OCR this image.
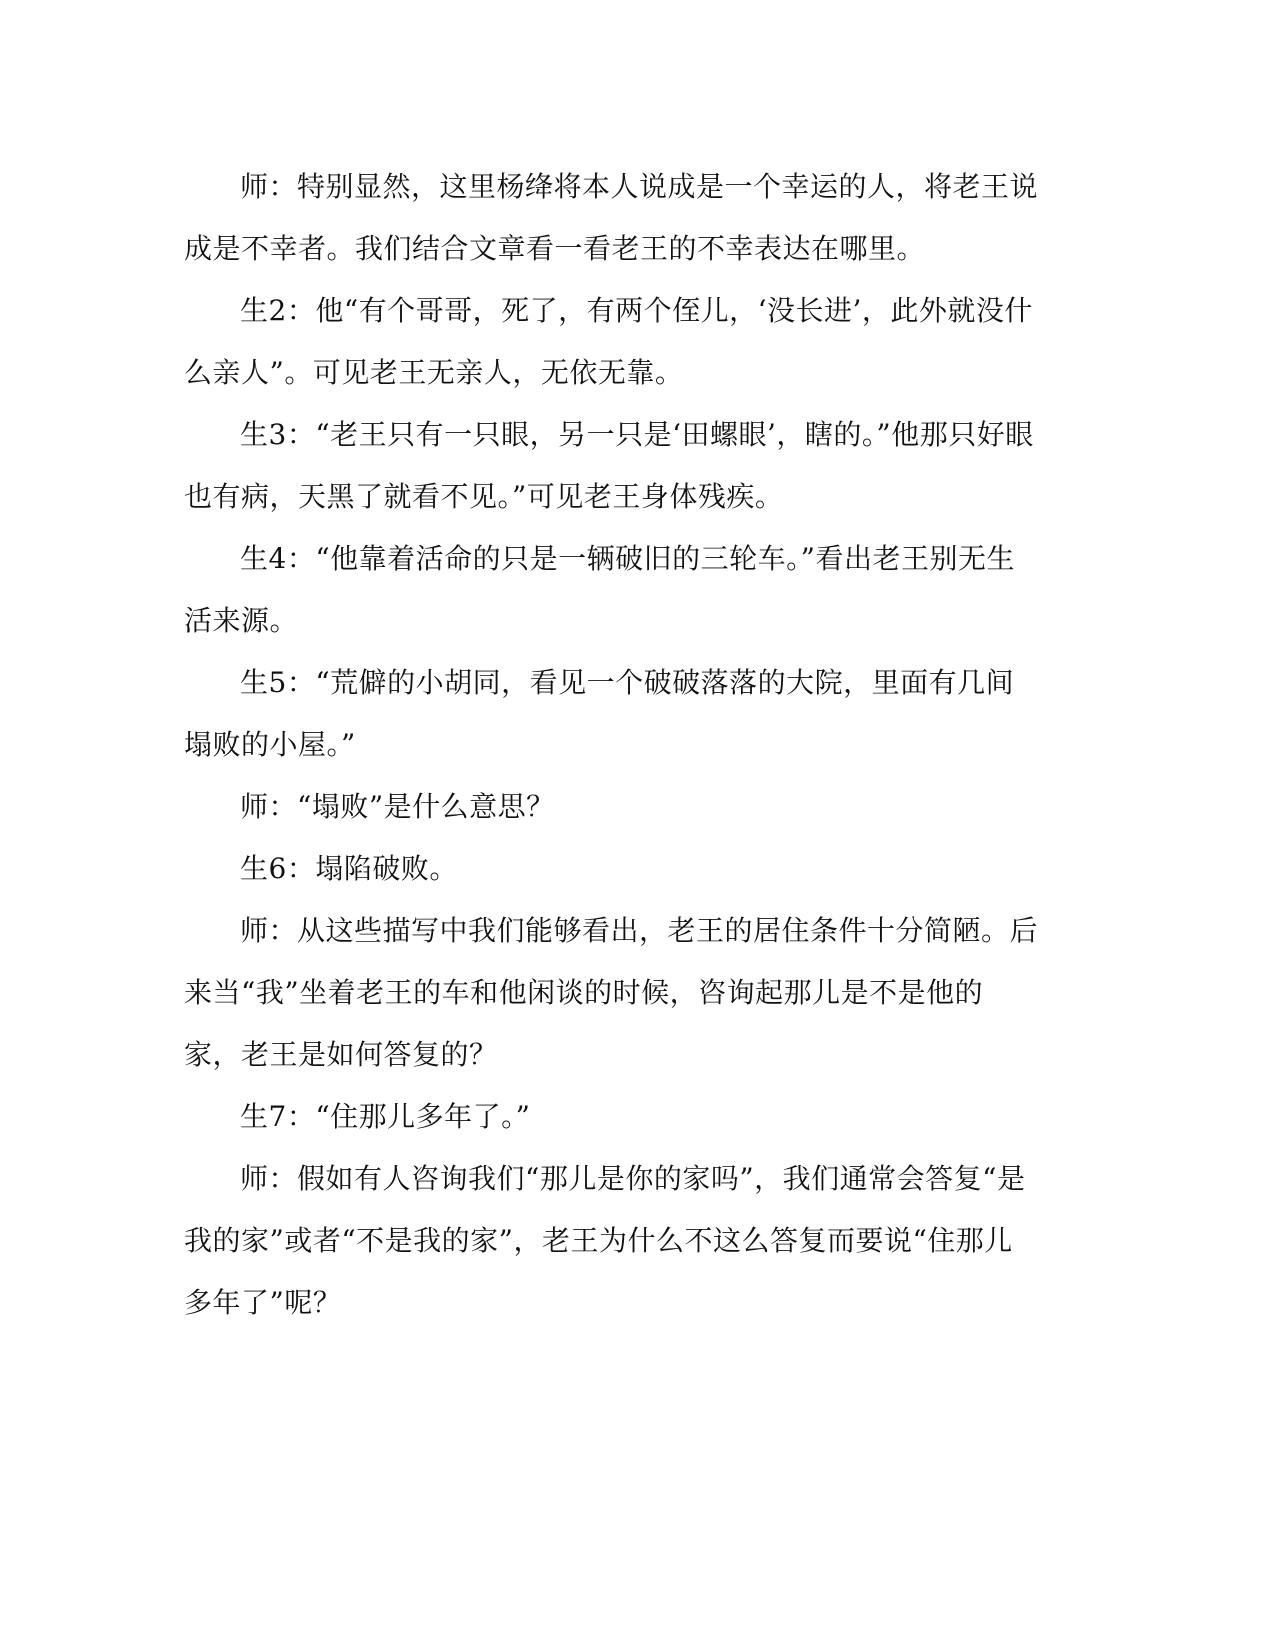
师：特别显然，这里杨绛将本人说成是一个幸运的人，将老王说成是不幸者。我们结合文章看一看老王的不幸表达在哪里。

生2：他“有个哥哥，死了，有两个侄儿，‘没长进’，此外就没什么亲人”。可见老王无亲人，无依无靠。

生3：“老王只有一只眼，另一只是‘田螺眼’，瞎的。”他那只好眼也有病，天黑了就看不见。”可见老王身体残疾。

生4：“他靠着活命的只是一辆破旧的三轮车。”看出老王别无生活来源。

生5：“荒僻的小胡同，看见一个破破落落的大院，里面有几间塌败的小屋。”

师：“塌败”是什么意思？

生6：塌陷破败。

师：从这些描写中我们能够看出，老王的居住条件十分简陋。后来当“我”坐着老王的车和他闲谈的时候，咨询起那儿是不是他的家，老王是如何答复的？

生7：“住那儿多年了。”

师：假如有人咨询我们“那儿是你的家吗”，我们通常会答复“是我的家”或者“不是我的家”，老王为什么不这么答复而要说“住那儿多年了”呢？
